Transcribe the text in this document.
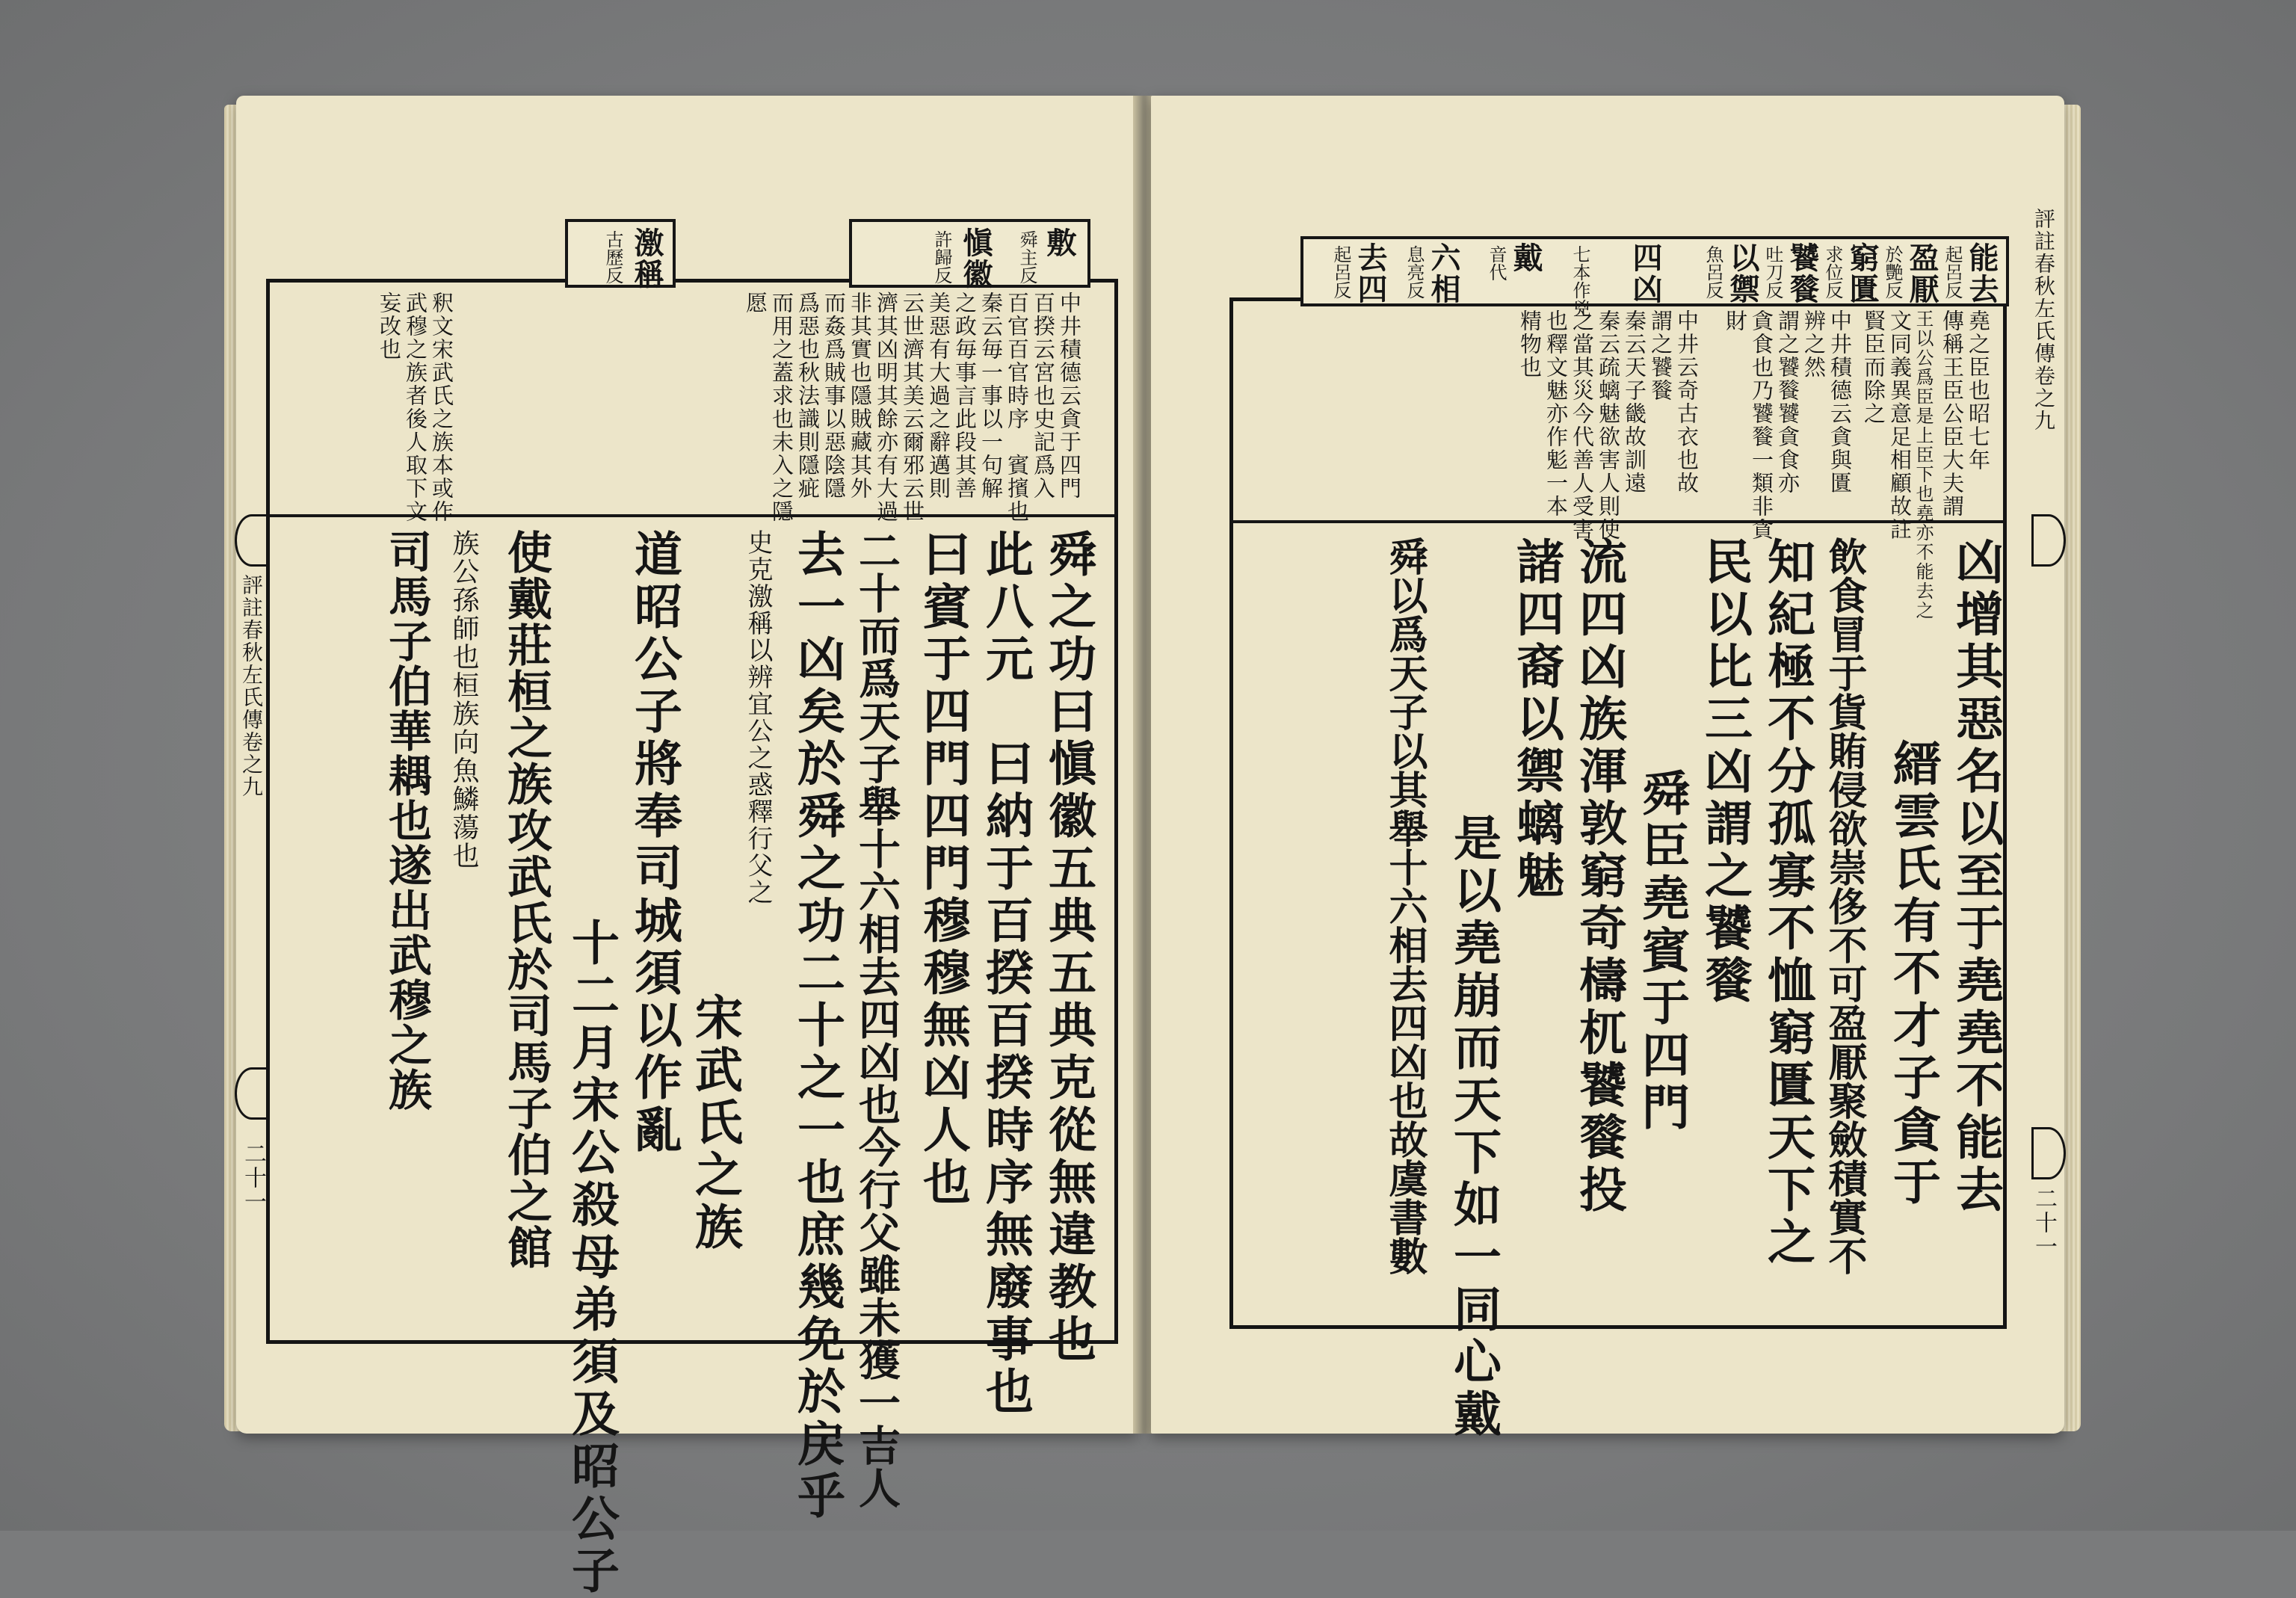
敷
舜主反
愼徽
許歸反
激稱
古歷反
中井積德云貪于四門
百揆云宮也史記爲入
百官百官時序　賓擯也
秦云毎一事以一句解
之政毎事言此段其善
美惡有大過之辭邁則
云世濟其美云爾邪云世
濟其凶明其餘亦有大過
非其實也隱賊藏其外
而姦爲賊事以惡陰隱
爲惡也秋法識則隱疵
而用之蓋求也未入之隱
愿
釈文宋武氏之族本或作
武穆之族者後人取下文
妄改也
舜之功曰愼徽五典五典克從無違教也
此八元　曰納于百揆百揆時序無廢事也
曰賓于四門四門穆穆無凶人也
二十而爲天子舉十六相去四凶也今行父雖未獲一吉人
去一凶矣於舜之功二十之一也庶幾免於戻乎
史克激稱以辨宜公之惑釋行父之
宋武氏之族
道昭公子將奉司城須以作亂
十二月宋公殺母弟須及昭公子
使戴莊桓之族攻武氏於司馬子伯之館
族公孫師也桓族向魚鱗蕩也
司馬子伯華耦也遂出武穆之族
評註春秋左氏傳卷之九
二十一
能去
起呂反
盈厭
於艷反
窮匱
求位反
饕餮
吐刀反
以禦
魚呂反
四凶
七本作兇
戴
音代
六相
息亮反
去四
起呂反
堯之臣也昭七年
傳稱王臣公臣大夫謂
王以公爲臣是上臣下也堯亦不能去之
文同義異意足相顧故註
賢臣而除之
中井積德云貪與匱
辨之然
謂之饕餮饕貪食亦
貪食也乃饕餮一類非貪
財
中井云奇古衣也故
謂之饕餮
秦云天子畿故訓遠
秦云疏螭魅欲害人則使
之當其災今代善人受害
也釋文魅亦作鬽一本
精物也
凶增其惡名以至于堯堯不能去
縉雲氏有不才子貪于
飲食冒于貨賄侵欲崇侈不可盈厭聚斂積實不
知紀極不分孤寡不恤窮匱天下之
民以比三凶謂之饕餮
舜臣堯賓于四門
流四凶族渾敦窮奇檮杌饕餮投
諸四裔以禦螭魅
是以堯崩而天下如一同心戴
舜以爲天子以其舉十六相去四凶也故虞書數
評註春秋左氏傳卷之九
二十一
